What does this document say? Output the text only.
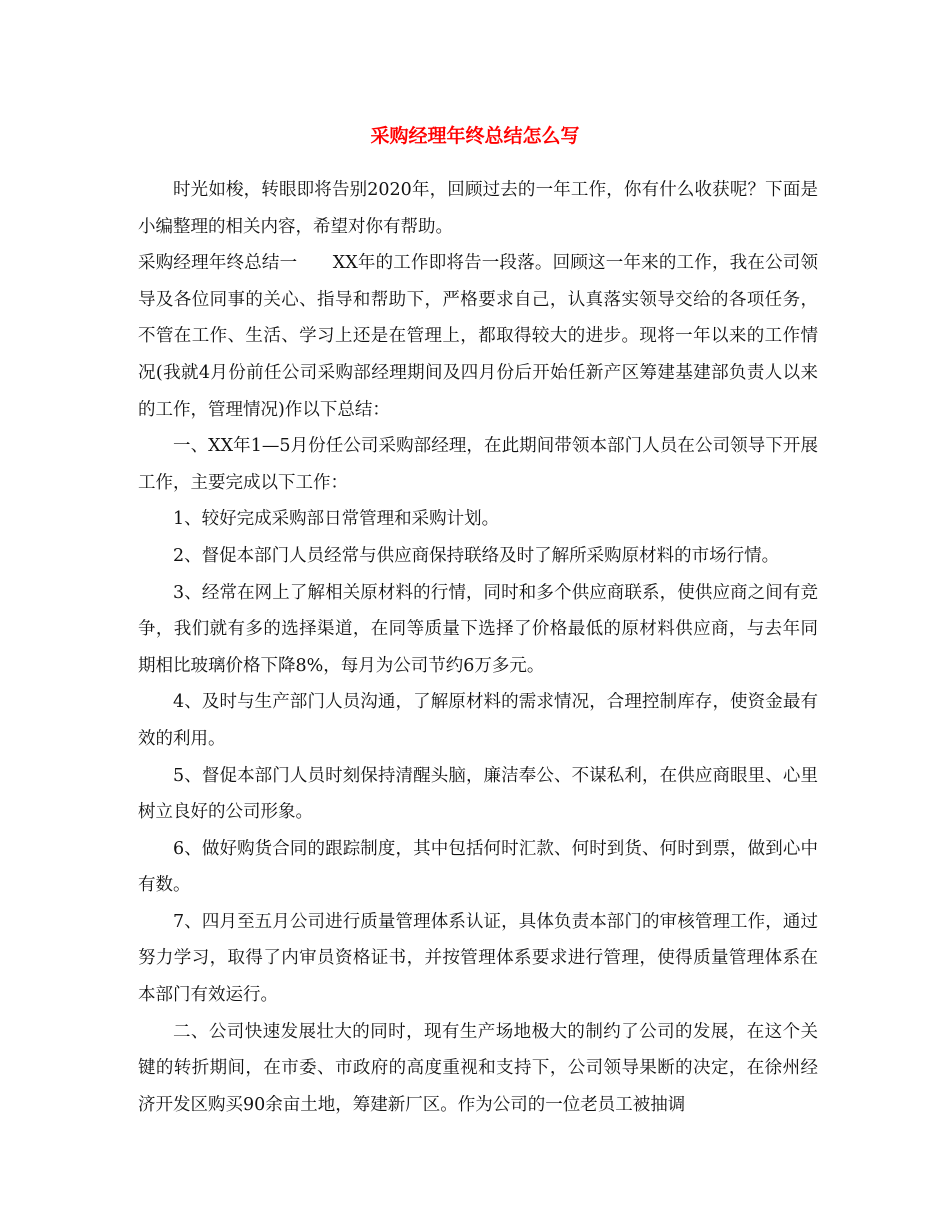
采购经理年终总结怎么写

时光如梭，转眼即将告别2020年，回顾过去的一年工作，你有什么收获呢？下面是小编整理的相关内容，希望对你有帮助。

采购经理年终总结一　　XX年的工作即将告一段落。回顾这一年来的工作，我在公司领导及各位同事的关心、指导和帮助下，严格要求自己，认真落实领导交给的各项任务，不管在工作、生活、学习上还是在管理上，都取得较大的进步。现将一年以来的工作情况(我就4月份前任公司采购部经理期间及四月份后开始任新产区筹建基建部负责人以来的工作，管理情况)作以下总结：

一、XX年1—5月份任公司采购部经理，在此期间带领本部门人员在公司领导下开展工作，主要完成以下工作：

1、较好完成采购部日常管理和采购计划。

2、督促本部门人员经常与供应商保持联络及时了解所采购原材料的市场行情。

3、经常在网上了解相关原材料的行情，同时和多个供应商联系，使供应商之间有竞争，我们就有多的选择渠道，在同等质量下选择了价格最低的原材料供应商，与去年同期相比玻璃价格下降8%，每月为公司节约6万多元。

4、及时与生产部门人员沟通，了解原材料的需求情况，合理控制库存，使资金最有效的利用。

5、督促本部门人员时刻保持清醒头脑，廉洁奉公、不谋私利，在供应商眼里、心里树立良好的公司形象。

6、做好购货合同的跟踪制度，其中包括何时汇款、何时到货、何时到票，做到心中有数。

7、四月至五月公司进行质量管理体系认证，具体负责本部门的审核管理工作，通过努力学习，取得了内审员资格证书，并按管理体系要求进行管理，使得质量管理体系在本部门有效运行。

二、公司快速发展壮大的同时，现有生产场地极大的制约了公司的发展，在这个关键的转折期间，在市委、市政府的高度重视和支持下，公司领导果断的决定，在徐州经济开发区购买90余亩土地，筹建新厂区。作为公司的一位老员工被抽调
